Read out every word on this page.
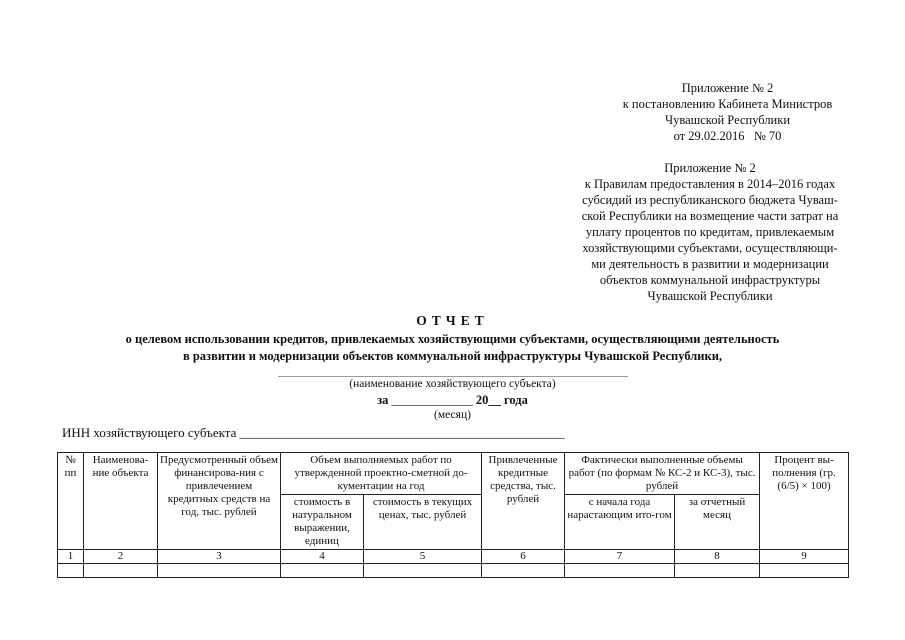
Приложение № 2
к постановлению Кабинета Министров
Чувашской Республики
от 29.02.2016   № 70
Приложение № 2
к Правилам предоставления в 2014–2016 годах
субсидий из республиканского бюджета Чуваш-
ской Республики на возмещение части затрат на
уплату процентов по кредитам, привлекаемым
хозяйствующими субъектами, осуществляющи-
ми деятельность в развитии и модернизации
объектов коммунальной инфраструктуры
Чувашской Республики
ОТЧЕТ
о целевом использовании кредитов, привлекаемых хозяйствующими субъектами, осуществляющими деятельность
в развитии и модернизации объектов коммунальной инфраструктуры Чувашской Республики,
(наименование хозяйствующего субъекта)
за _____________ 20__ года
(месяц)
ИНН хозяйствующего субъекта __________________________________________________
№ пп	Наименова-ние объекта	Предусмотренный объем финансирова-ния с привлечением кредитных средств на год, тыс. рублей	Объем выполняемых работ по утвержденной проектно-сметной до-кументации на год		Привлеченные кредитные средства, тыс. рублей	Фактически выполненные объемы работ (по формам № КС-2 и КС-3), тыс. рублей		Процент вы-полнения (гр. (6/5) × 100)
			стоимость в натуральном выражении, единиц	стоимость в текущих ценах, тыс. рублей		с начала года нарастающим ито-гом	за отчетный месяц	
1	2	3	4	5	6	7	8	9
